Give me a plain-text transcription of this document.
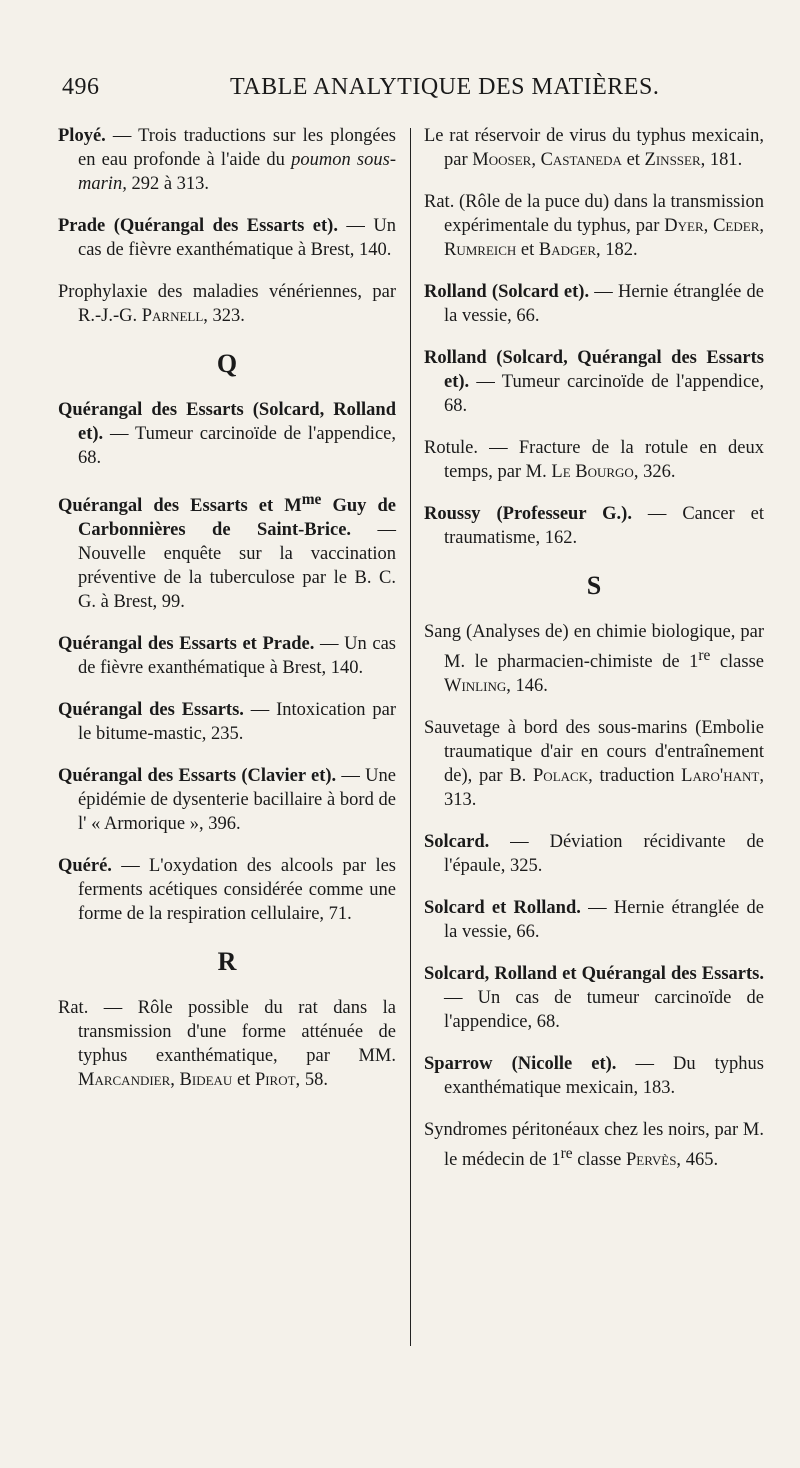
496	TABLE ANALYTIQUE DES MATIÈRES.

Ployé. — Trois traductions sur les plongées en eau profonde à l'aide du poumon sous-marin, 292 à 313.

Prade (Quérangal des Essarts et). — Un cas de fièvre exanthématique à Brest, 140.

Prophylaxie des maladies vénériennes, par R.-J.-G. Parnell, 323.

Q

Quérangal des Essarts (Solcard, Rolland et). — Tumeur carcinoïde de l'appendice, 68.

Quérangal des Essarts et $M^{me}$ Guy de Carbonnières de Saint-Brice. — Nouvelle enquête sur la vaccination préventive de la tuberculose par le B. C. G. à Brest, 99.

Quérangal des Essarts et Prade. — Un cas de fièvre exanthématique à Brest, 140.

Quérangal des Essarts. — Intoxication par le bitume-mastic, 235.

Quérangal des Essarts (Clavier et). — Une épidémie de dysenterie bacillaire à bord de l' « Armorique », 396.

Quéré. — L'oxydation des alcools par les ferments acétiques considérée comme une forme de la respiration cellulaire, 71.

R

Rat. — Rôle possible du rat dans la transmission d'une forme atténuée de typhus exanthématique, par MM. Marcandier, Bideau et Pirot, 58.

Le rat réservoir de virus du typhus mexicain, par Mooser, Castaneda et Zinsser, 181.

Rat. (Rôle de la puce du) dans la transmission expérimentale du typhus, par Dyer, Ceder, Rumreich et Badger, 182.

Rolland (Solcard et). — Hernie étranglée de la vessie, 66.

Rolland (Solcard, Quérangal des Essarts et). — Tumeur carcinoïde de l'appendice, 68.

Rotule. — Fracture de la rotule en deux temps, par M. Le Bourgo, 326.

Roussy (Professeur G.). — Cancer et traumatisme, 162.

S

Sang (Analyses de) en chimie biologique, par M. le pharmacien-chimiste de 1re classe Winling, 146.

Sauvetage à bord des sous-marins (Embolie traumatique d'air en cours d'entraînement de), par B. Polack, traduction Laro'hant, 313.

Solcard. — Déviation récidivante de l'épaule, 325.

Solcard et Rolland. — Hernie étranglée de la vessie, 66.

Solcard, Rolland et Quérangal des Essarts. — Un cas de tumeur carcinoïde de l'appendice, 68.

Sparrow (Nicolle et). — Du typhus exanthématique mexicain, 183.

Syndromes péritonéaux chez les noirs, par M. le médecin de 1re classe Pervès, 465.
